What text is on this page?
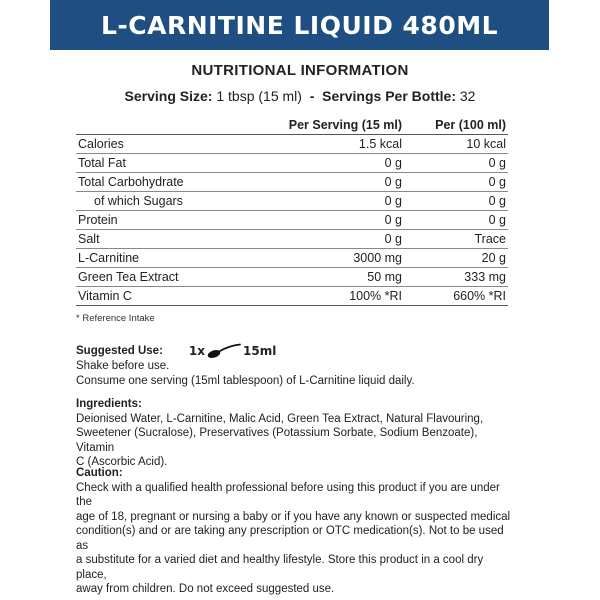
L-CARNITINE LIQUID 480ML
NUTRITIONAL INFORMATION
Serving Size: 1 tbsp (15 ml) - Servings Per Bottle: 32
	Per Serving (15 ml)	Per (100 ml)
Calories	1.5 kcal	10 kcal
Total Fat	0 g	0 g
Total Carbohydrate	0 g	0 g
of which Sugars	0 g	0 g
Protein	0 g	0 g
Salt	0 g	Trace
L-Carnitine	3000 mg	20 g
Green Tea Extract	50 mg	333 mg
Vitamin C	100% *RI	660% *RI
* Reference Intake
Suggested Use: 1x	15ml
Shake before use.
Consume one serving (15ml tablespoon) of L-Carnitine liquid daily.
Ingredients:
Deionised Water, L-Carnitine, Malic Acid, Green Tea Extract, Natural Flavouring,
Sweetener (Sucralose), Preservatives (Potassium Sorbate, Sodium Benzoate), Vitamin
C (Ascorbic Acid).
Caution:
Check with a qualified health professional before using this product if you are under the
age of 18, pregnant or nursing a baby or if you have any known or suspected medical
condition(s) and or are taking any prescription or OTC medication(s). Not to be used as
a substitute for a varied diet and healthy lifestyle. Store this product in a cool dry place,
away from children. Do not exceed suggested use.
